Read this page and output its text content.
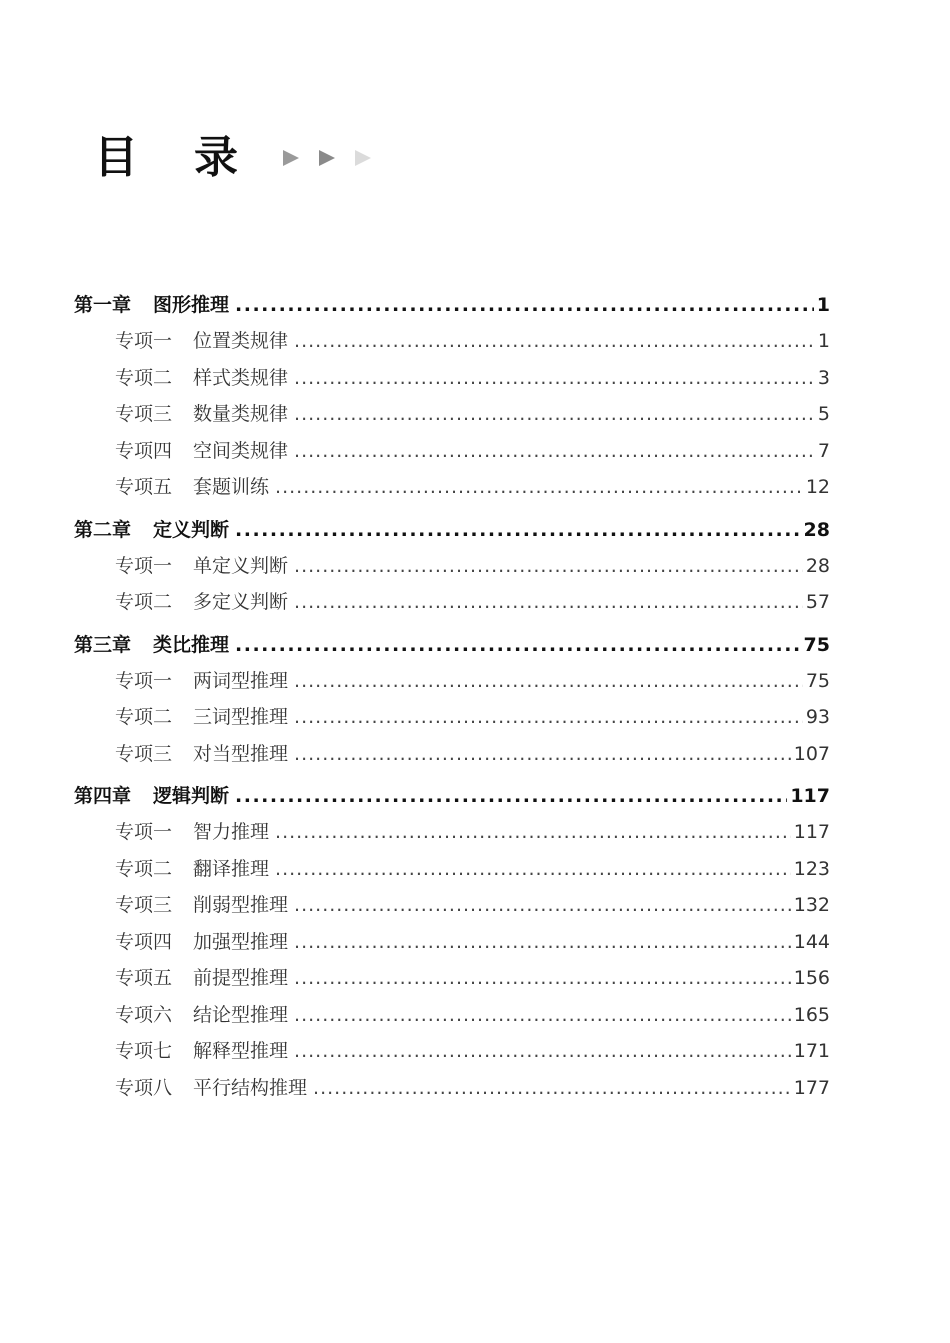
目 录
第一章 图形推理 .....	1
专项一 位置类规律 .....	1
专项二 样式类规律 .....	3
专项三 数量类规律 .....	5
专项四 空间类规律 .....	7
专项五 套题训练 .....	12
第二章 定义判断 .....	28
专项一 单定义判断 .....	28
专项二 多定义判断 .....	57
第三章 类比推理 .....	75
专项一 两词型推理 .....	75
专项二 三词型推理 .....	93
专项三 对当型推理 .....	107
第四章 逻辑判断 .....	117
专项一 智力推理 .....	117
专项二 翻译推理 .....	123
专项三 削弱型推理 .....	132
专项四 加强型推理 .....	144
专项五 前提型推理 .....	156
专项六 结论型推理 .....	165
专项七 解释型推理 .....	171
专项八 平行结构推理 .....	177
